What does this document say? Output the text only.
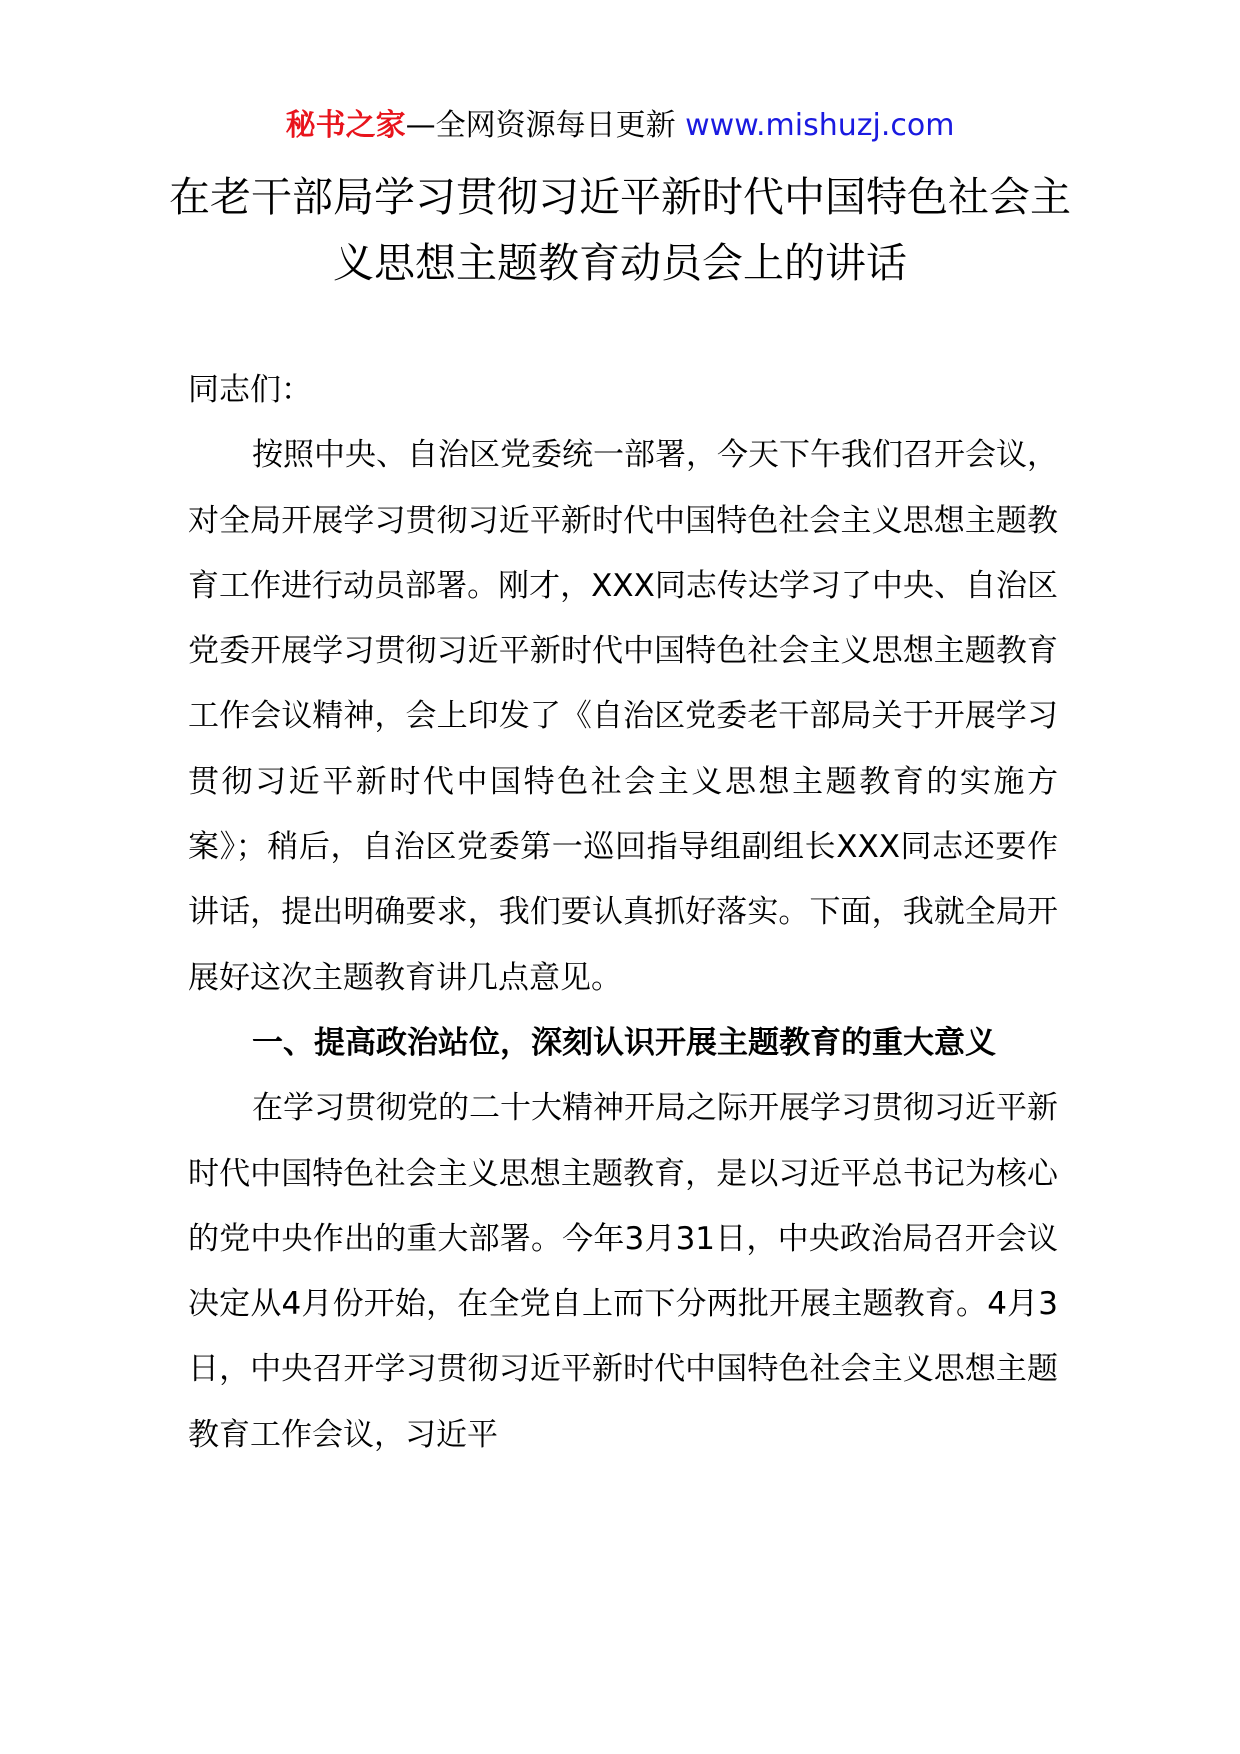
秘书之家—全网资源每日更新 www.mishuzj.com
在老干部局学习贯彻习近平新时代中国特色社会主义思想主题教育动员会上的讲话

同志们：

按照中央、自治区党委统一部署，今天下午我们召开会议，对全局开展学习贯彻习近平新时代中国特色社会主义思想主题教育工作进行动员部署。刚才，XXX同志传达学习了中央、自治区党委开展学习贯彻习近平新时代中国特色社会主义思想主题教育工作会议精神，会上印发了《自治区党委老干部局关于开展学习贯彻习近平新时代中国特色社会主义思想主题教育的实施方案》；稍后，自治区党委第一巡回指导组副组长XXX同志还要作讲话，提出明确要求，我们要认真抓好落实。下面，我就全局开展好这次主题教育讲几点意见。

一、提高政治站位，深刻认识开展主题教育的重大意义

在学习贯彻党的二十大精神开局之际开展学习贯彻习近平新时代中国特色社会主义思想主题教育，是以习近平总书记为核心的党中央作出的重大部署。今年3月31日，中央政治局召开会议决定从4月份开始，在全党自上而下分两批开展主题教育。4月3日，中央召开学习贯彻习近平新时代中国特色社会主义思想主题教育工作会议，习近平
